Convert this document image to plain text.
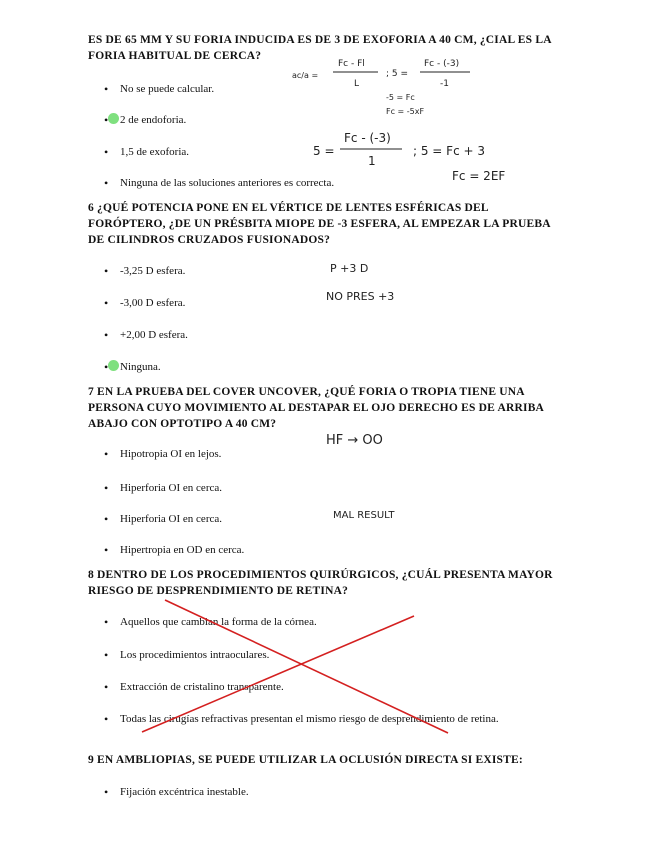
ES DE 65 MM Y SU FORIA INDUCIDA ES DE 3 DE EXOFORIA A 40 CM, ¿CIAL ES LA FORIA HABITUAL DE CERCA?

•	No se puede calcular.
•	2 de endoforia.
•	1,5 de exoforia.
•	Ninguna de las soluciones anteriores es correcta.

6 ¿QUÉ POTENCIA PONE EN EL VÉRTICE DE LENTES ESFÉRICAS DEL FORÓPTERO, ¿DE UN PRÉSBITA MIOPE DE -3 ESFERA, AL EMPEZAR LA PRUEBA DE CILINDROS CRUZADOS FUSIONADOS?

•	-3,25 D esfera.
•	-3,00 D esfera.
•	+2,00 D esfera.
•	Ninguna.

7 EN LA PRUEBA DEL COVER UNCOVER, ¿QUÉ FORIA O TROPIA TIENE UNA PERSONA CUYO MOVIMIENTO AL DESTAPAR EL OJO DERECHO ES DE ARRIBA ABAJO CON OPTOTIPO A 40 CM?

•	Hipotropia OI en lejos.
•	Hiperforia OI en cerca.
•	Hiperforia OI en cerca.
•	Hipertropia en OD en cerca.

8 DENTRO DE LOS PROCEDIMIENTOS QUIRÚRGICOS, ¿CUÁL PRESENTA MAYOR RIESGO DE DESPRENDIMIENTO DE RETINA?

•	Aquellos que cambian la forma de la córnea.
•	Los procedimientos intraoculares.
•	Extracción de cristalino transparente.
•	Todas las cirugías refractivas presentan el mismo riesgo de desprendimiento de retina.

9 EN AMBLIOPIAS, SE PUEDE UTILIZAR LA OCLUSIÓN DIRECTA SI EXISTE:

•	Fijación excéntrica inestable.
ac/a =
Fc - Fl
L
; 5 =
Fc - (-3)
-1
-5 = Fc
Fc = -5xF
5 =
Fc - (-3)
1
; 5 = Fc + 3
Fc = 2EF
P +3 D
NO PRES +3
HF → OO
MAL RESULT
